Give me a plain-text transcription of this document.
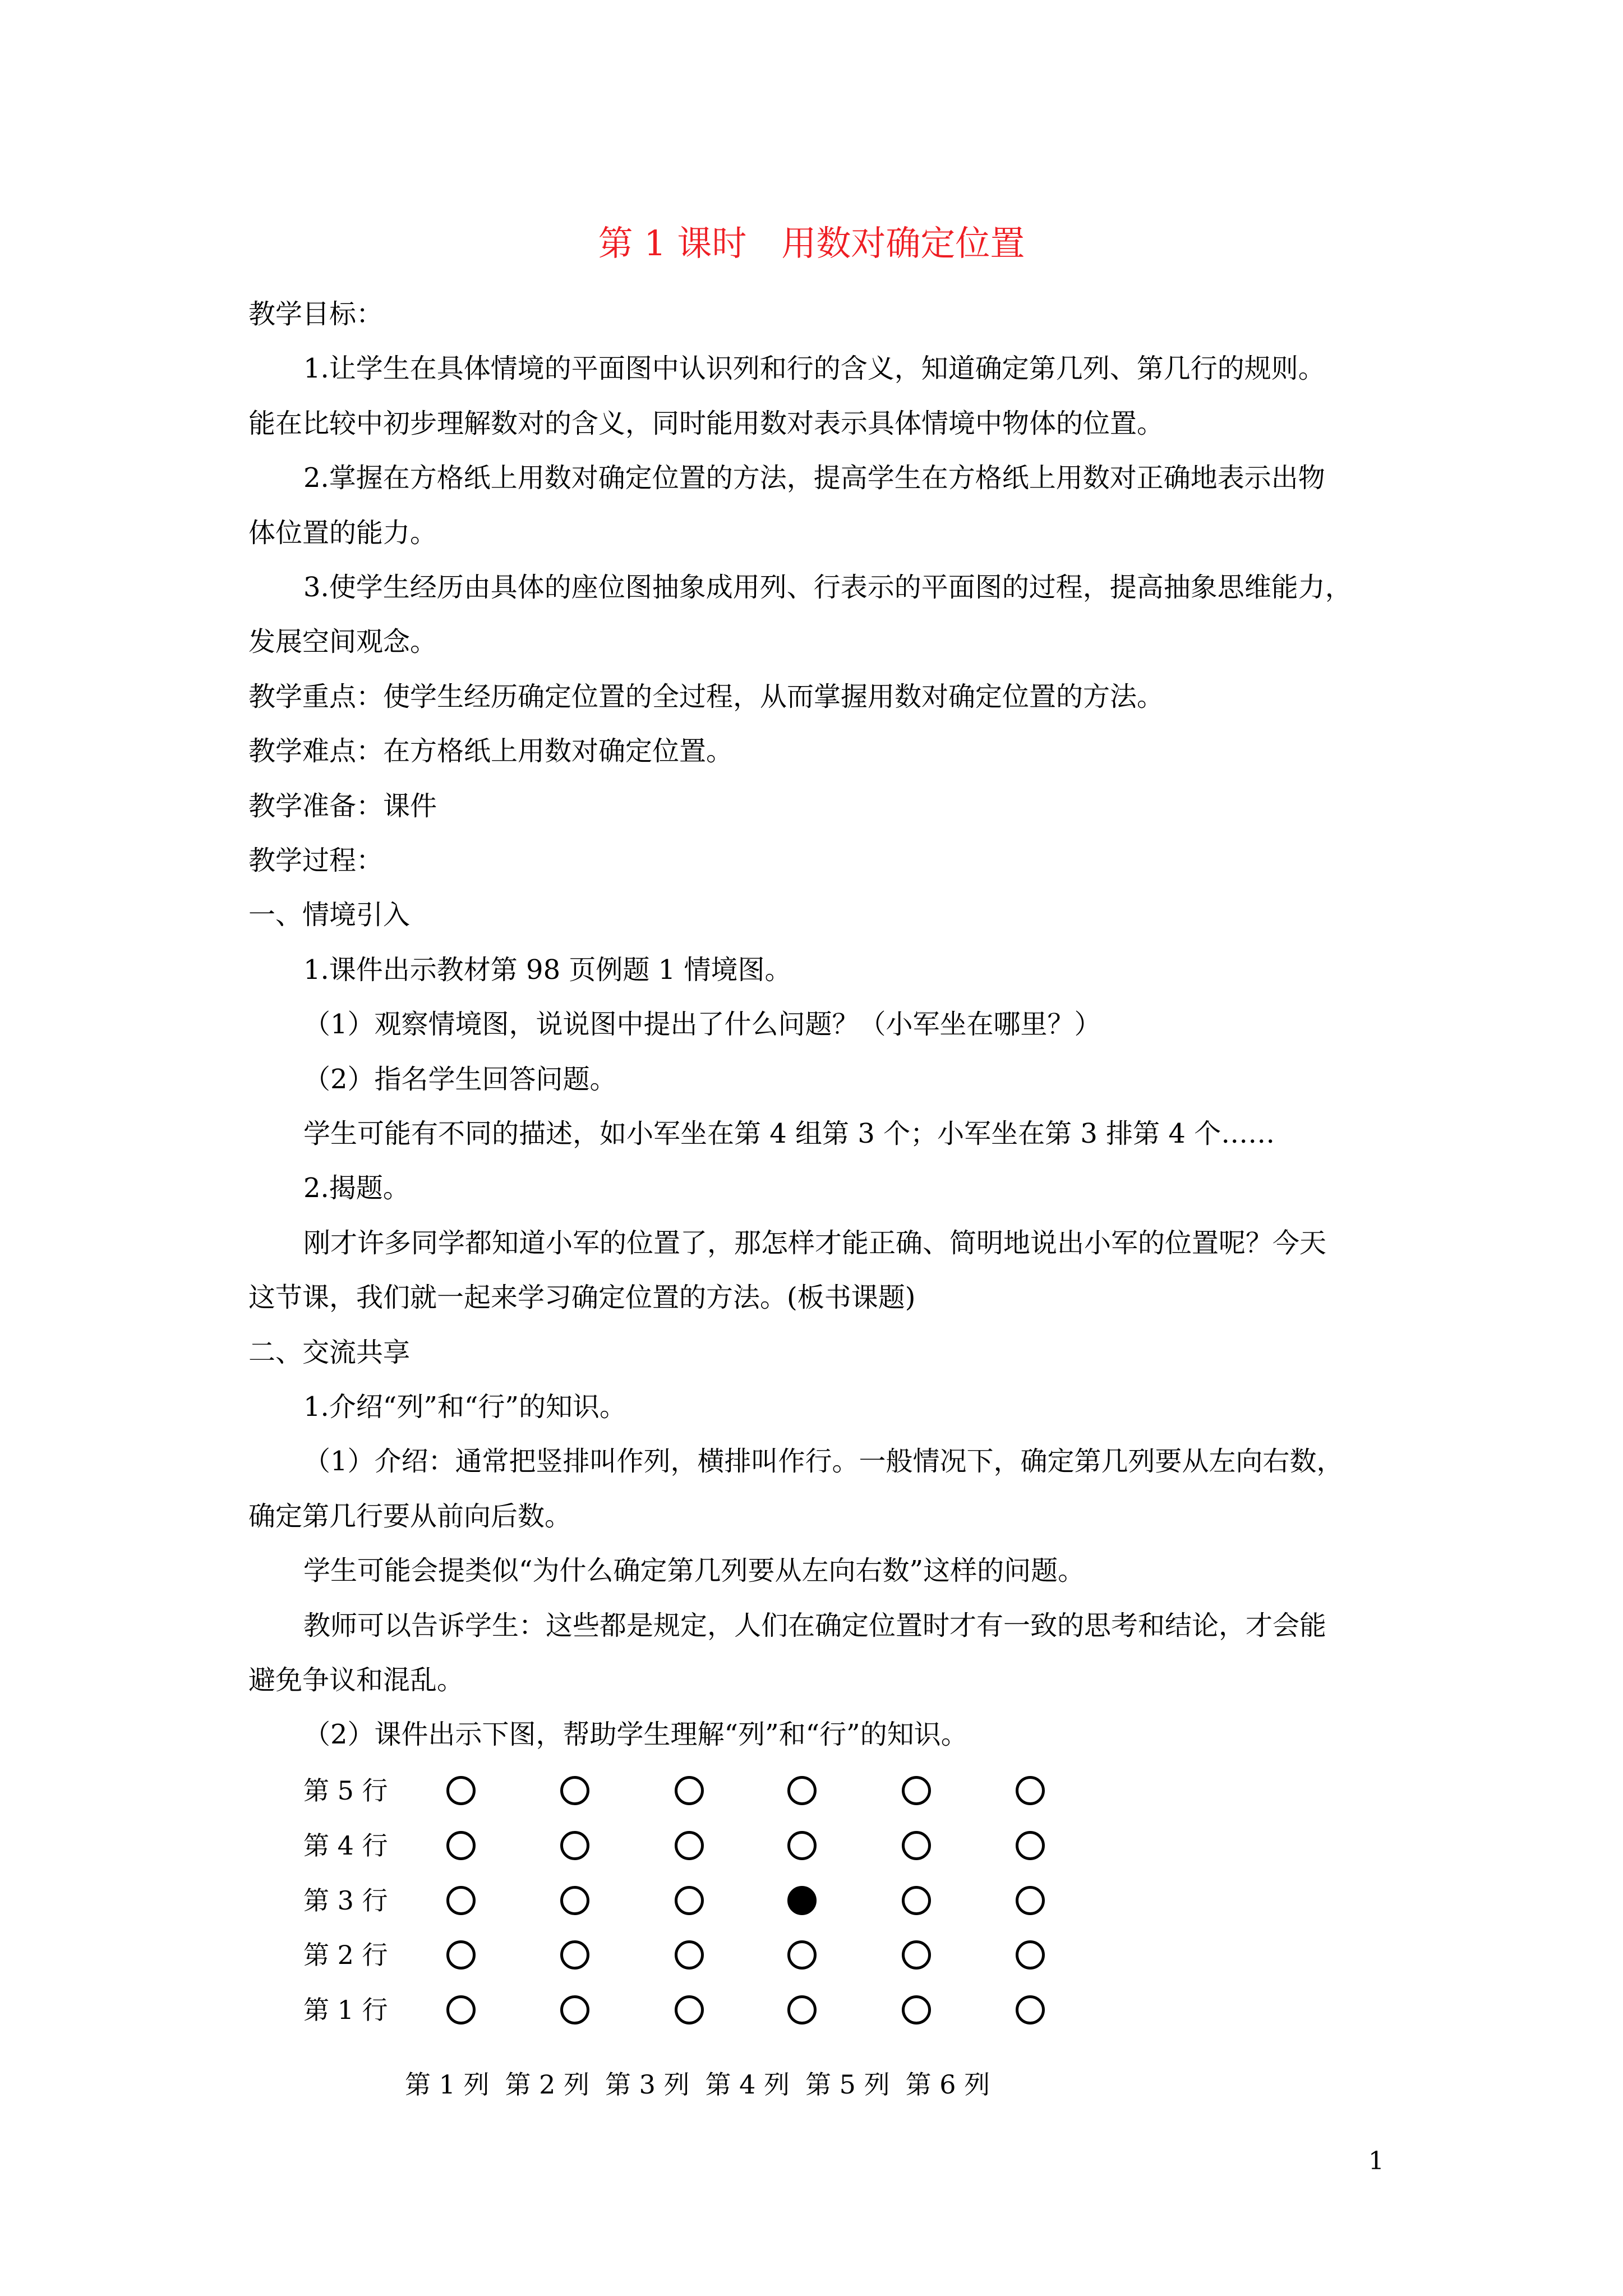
第 1 课时　用数对确定位置
教学目标：
1.让学生在具体情境的平面图中认识列和行的含义，知道确定第几列、第几行的规则。
能在比较中初步理解数对的含义，同时能用数对表示具体情境中物体的位置。
2.掌握在方格纸上用数对确定位置的方法，提高学生在方格纸上用数对正确地表示出物
体位置的能力。
3.使学生经历由具体的座位图抽象成用列、行表示的平面图的过程，提高抽象思维能力，
发展空间观念。
教学重点：使学生经历确定位置的全过程，从而掌握用数对确定位置的方法。
教学难点：在方格纸上用数对确定位置。
教学准备：课件
教学过程：
一、情境引入
1.课件出示教材第 98 页例题 1 情境图。
（1）观察情境图，说说图中提出了什么问题？（小军坐在哪里？）
（2）指名学生回答问题。
学生可能有不同的描述，如小军坐在第 4 组第 3 个；小军坐在第 3 排第 4 个……
2.揭题。
刚才许多同学都知道小军的位置了，那怎样才能正确、简明地说出小军的位置呢？今天
这节课，我们就一起来学习确定位置的方法。(板书课题)
二、交流共享
1.介绍“列”和“行”的知识。
（1）介绍：通常把竖排叫作列，横排叫作行。一般情况下，确定第几列要从左向右数，
确定第几行要从前向后数。
学生可能会提类似“为什么确定第几列要从左向右数”这样的问题。
教师可以告诉学生：这些都是规定，人们在确定位置时才有一致的思考和结论，才会能
避免争议和混乱。
（2）课件出示下图，帮助学生理解“列”和“行”的知识。
第 5 行
第 4 行
第 3 行
第 2 行
第 1 行
第 1 列 第 2 列 第 3 列 第 4 列 第 5 列 第 6 列
1
